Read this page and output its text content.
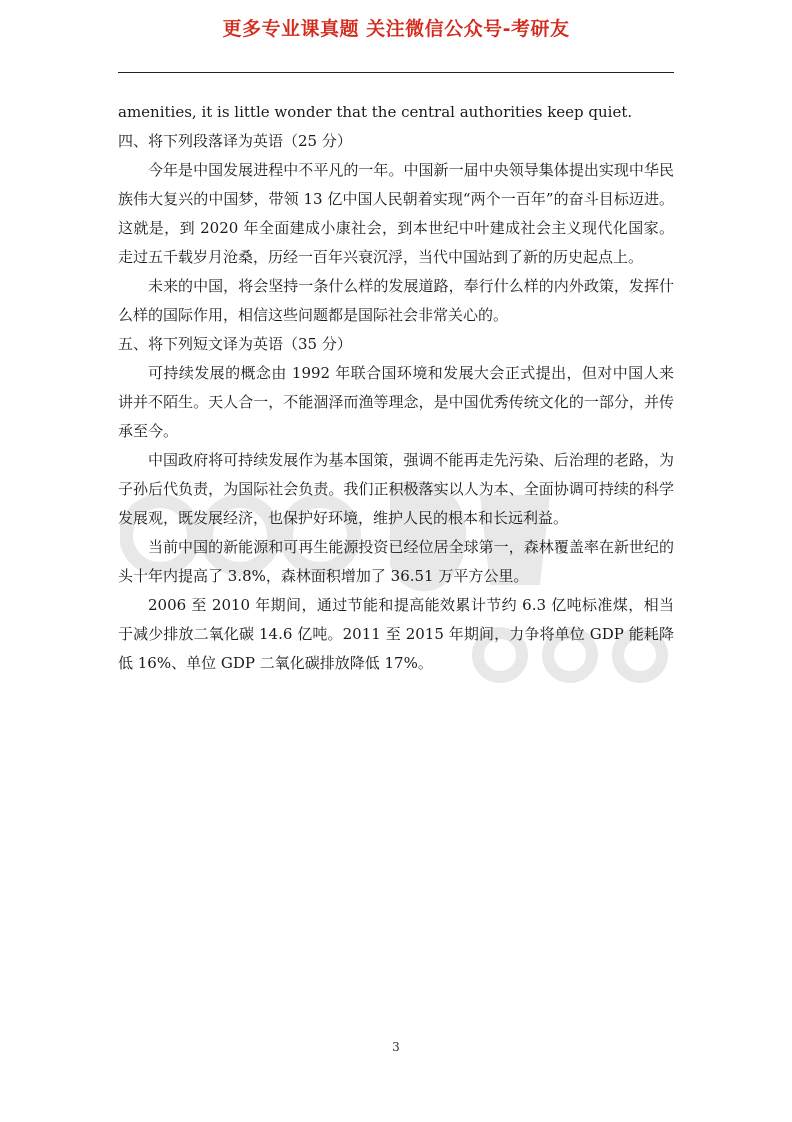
更多专业课真题 关注微信公众号-考研友

amenities, it is little wonder that the central authorities keep quiet.

四、将下列段落译为英语（25 分）

今年是中国发展进程中不平凡的一年。中国新一届中央领导集体提出实现中华民族伟大复兴的中国梦，带领 13 亿中国人民朝着实现“两个一百年”的奋斗目标迈进。这就是，到 2020 年全面建成小康社会，到本世纪中叶建成社会主义现代化国家。走过五千载岁月沧桑，历经一百年兴衰沉浮，当代中国站到了新的历史起点上。

未来的中国，将会坚持一条什么样的发展道路，奉行什么样的内外政策，发挥什么样的国际作用，相信这些问题都是国际社会非常关心的。

五、将下列短文译为英语（35 分）

可持续发展的概念由 1992 年联合国环境和发展大会正式提出，但对中国人来讲并不陌生。天人合一，不能涸泽而渔等理念，是中国优秀传统文化的一部分，并传承至今。

中国政府将可持续发展作为基本国策，强调不能再走先污染、后治理的老路，为子孙后代负责，为国际社会负责。我们正积极落实以人为本、全面协调可持续的科学发展观，既发展经济，也保护好环境，维护人民的根本和长远利益。

当前中国的新能源和可再生能源投资已经位居全球第一，森林覆盖率在新世纪的头十年内提高了 3.8%，森林面积增加了 36.51 万平方公里。

2006 至 2010 年期间，通过节能和提高能效累计节约 6.3 亿吨标准煤，相当于减少排放二氧化碳 14.6 亿吨。2011 至 2015 年期间，力争将单位 GDP 能耗降低 16%、单位 GDP 二氧化碳排放降低 17%。

3
